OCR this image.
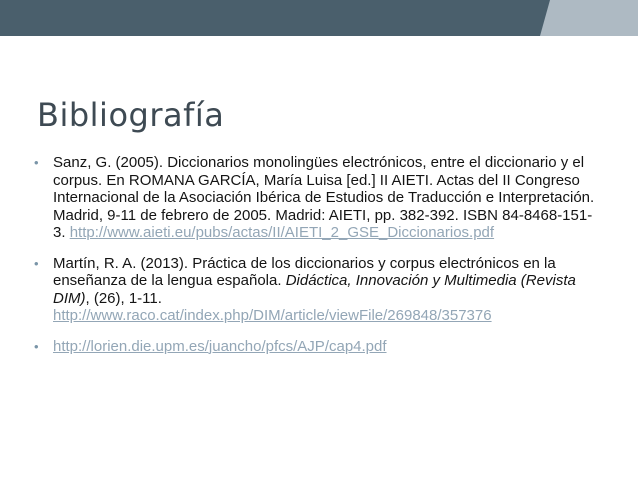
Bibliografía
• Sanz, G. (2005). Diccionarios monolingües electrónicos, entre el diccionario y el corpus. En ROMANA GARCÍA, María Luisa [ed.] II AIETI. Actas del II Congreso Internacional de la Asociación Ibérica de Estudios de Traducción e Interpretación. Madrid, 9-11 de febrero de 2005. Madrid: AIETI, pp. 382-392. ISBN 84-8468-151-3. http://www.aieti.eu/pubs/actas/II/AIETI_2_GSE_Diccionarios.pdf
• Martín, R. A. (2013). Práctica de los diccionarios y corpus electrónicos en la enseñanza de la lengua española. Didáctica, Innovación y Multimedia (Revista DIM), (26), 1-11. http://www.raco.cat/index.php/DIM/article/viewFile/269848/357376
• http://lorien.die.upm.es/juancho/pfcs/AJP/cap4.pdf
